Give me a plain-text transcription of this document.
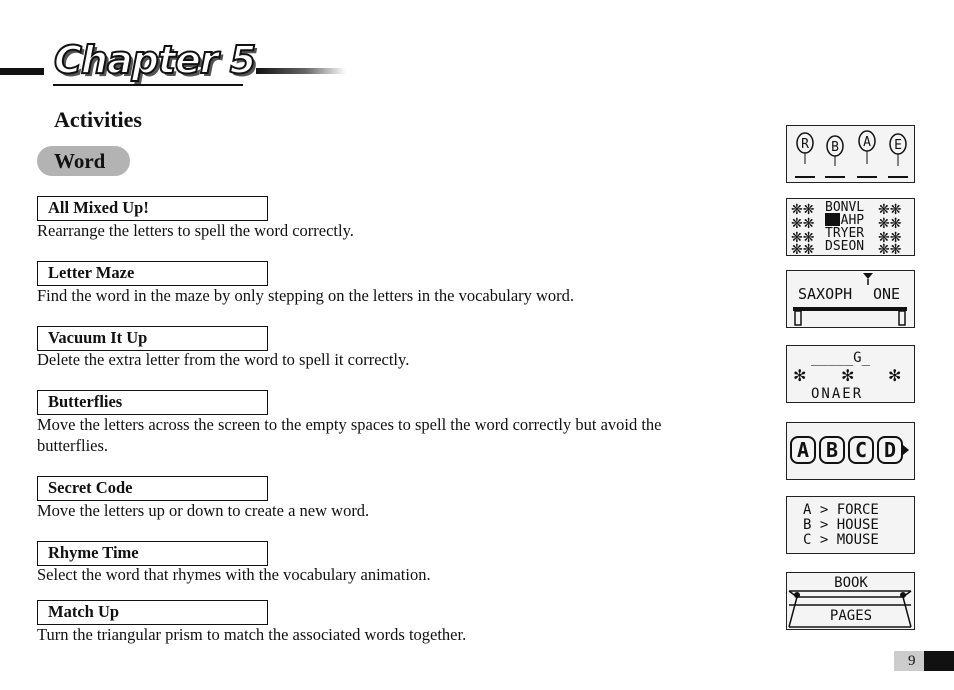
Chapter 5
Activities
Word
All Mixed Up!
Rearrange the letters to spell the word correctly.
Letter Maze
Find the word in the maze by only stepping on the letters in the vocabulary word.
Vacuum It Up
Delete the extra letter from the word to spell it correctly.
Butterflies
Move the letters across the screen to the empty spaces to spell the word correctly but avoid the butterflies.
Secret Code
Move the letters up or down to create a new word.
Rhyme Time
Select the word that rhymes with the vocabulary animation.
Match Up
Turn the triangular prism to match the associated words together.
R B A E
❋❋
❋❋
❋❋
❋❋
❋❋
❋❋
❋❋
❋❋
BONVL
HOAHP
TRYER
DSEON
SAXOPH ONE
_____G_
ONAER
✻ ✻ ✻
A B C D
A > FORCE
B > HOUSE
C > MOUSE
BOOK
PAGES
9
